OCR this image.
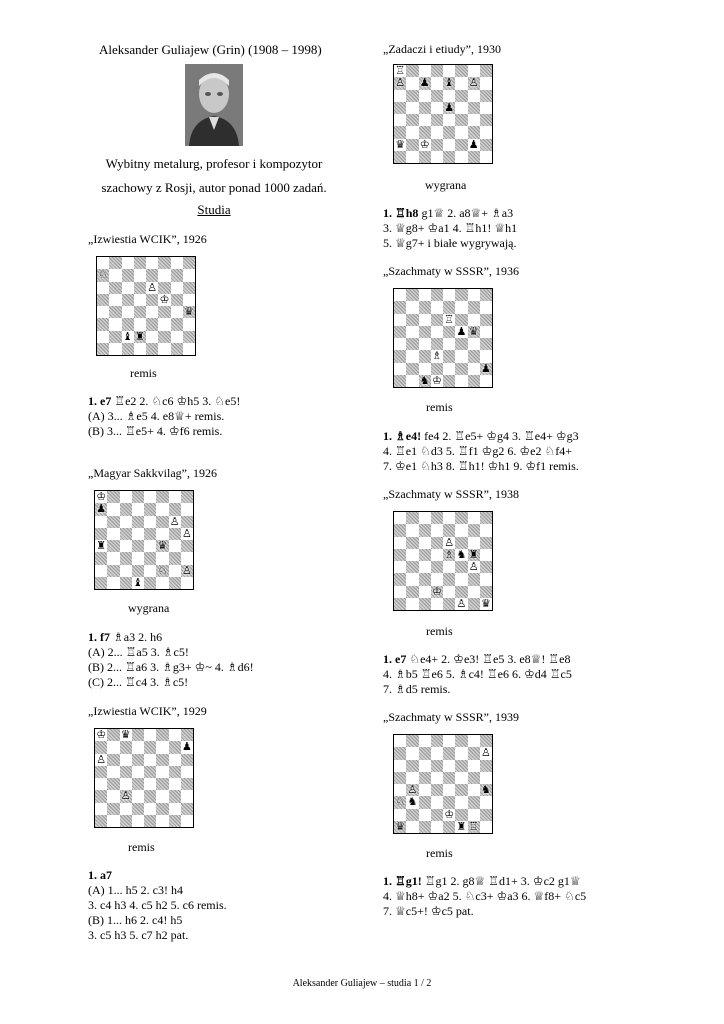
Aleksander Guliajew (Grin) (1908 – 1998)
Wybitny metalurg, profesor i kompozytor
szachowy z Rosji, autor ponad 1000 zadań.
Studia
„Izwiestia WCIK”, 1926
♘
♙
♔
♛
♝ ♜
remis
1. e7 ♖e2 2. ♘c6 ♔h5 3. ♘e5!
(A) 3... ♗e5 4. e8♕+ remis.
(B) 3... ♖e5+ 4. ♔f6 remis.
„Magyar Sakkvilag”, 1926
♔
♟
♙
♙
♜	♛
♘ ♙
♝
wygrana
1. f7 ♗a3 2. h6
(A) 2... ♖a5 3. ♗c5!
(B) 2... ♖a6 3. ♗g3+ ♔~ 4. ♗d6!
(C) 2... ♖c4 3. ♗c5!
„Izwiestia WCIK”, 1929
♔ ♛
♟
♙
♙
remis
1. a7
(A) 1... h5 2. c3! h4
3. c4 h3 4. c5 h2 5. c6 remis.
(B) 1... h6 2. c4! h5
3. c5 h3 5. c7 h2 pat.
„Zadaczi i etiudy”, 1930
♖
♙ ♟ ♝ ♙
♟
♛ ♔	♟
wygrana
1. ♖h8 g1♕ 2. a8♕+ ♗a3
3. ♕g8+ ♔a1 4. ♖h1! ♕h1
5. ♕g7+ i białe wygrywają.
„Szachmaty w SSSR”, 1936
♖
♟ ♛
♗
♟
♞ ♔
remis
1. ♗e4! fe4 2. ♖e5+ ♔g4 3. ♖e4+ ♔g3
4. ♖e1 ♘d3 5. ♖f1 ♔g2 6. ♔e2 ♘f4+
7. ♔e1 ♘h3 8. ♖h1! ♔h1 9. ♔f1 remis.
„Szachmaty w SSSR”, 1938
♙
♗ ♞ ♜
♙
♔
♙ ♛
remis
1. e7 ♘e4+ 2. ♔e3! ♖e5 3. e8♕! ♖e8
4. ♗b5 ♖e6 5. ♗c4! ♖e6 6. ♔d4 ♖c5
7. ♗d5 remis.
„Szachmaty w SSSR”, 1939
♙
♙	♞
♘ ♞
♔
♛	♜ ♖
remis
1. ♖g1! ♖g1 2. g8♕ ♖d1+ 3. ♔c2 g1♕
4. ♕h8+ ♔a2 5. ♘c3+ ♔a3 6. ♕f8+ ♘c5
7. ♕c5+! ♔c5 pat.
Aleksander Guliajew – studia 1 / 2
